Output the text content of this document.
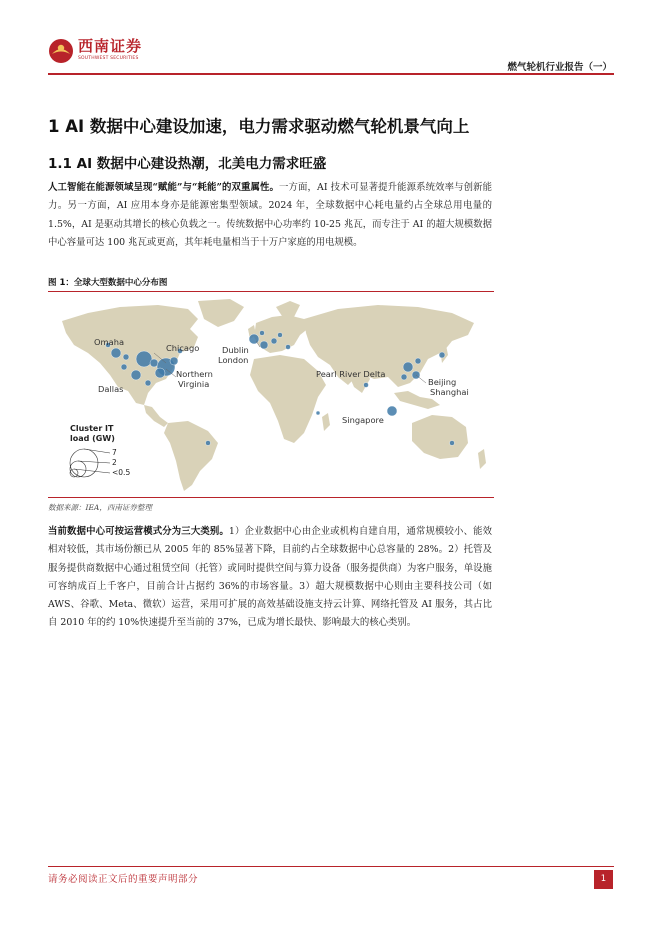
西南证券
SOUTHWEST SECURITIES
燃气轮机行业报告（一）
1 AI 数据中心建设加速，电力需求驱动燃气轮机景气向上
1.1 AI 数据中心建设热潮，北美电力需求旺盛

人工智能在能源领域呈现“赋能”与“耗能”的双重属性。一方面，AI 技术可显著提升能源系统效率与创新能力。另一方面，AI 应用本身亦是能源密集型领域。2024 年，全球数据中心耗电量约占全球总用电量的 1.5%，AI 是驱动其增长的核心负载之一。传统数据中心功率约 10-25 兆瓦，而专注于 AI 的超大规模数据中心容量可达 100 兆瓦或更高，其年耗电量相当于十万户家庭的用电规模。

图 1：全球大型数据中心分布图
Omaha
Chicago
Dallas
Northern
Virginia
Dublin
London
Pearl River Delta
Beijing
Shanghai
Singapore
Cluster IT
load (GW)
7
2
<0.5
数据来源：IEA，西南证券整理

当前数据中心可按运营模式分为三大类别。1）企业数据中心由企业或机构自建自用，通常规模较小、能效相对较低，其市场份额已从 2005 年的 85%显著下降，目前约占全球数据中心总容量的 28%。2）托管及服务提供商数据中心通过租赁空间（托管）或同时提供空间与算力设备（服务提供商）为客户服务，单设施可容纳成百上千客户，目前合计占据约 36%的市场容量。3）超大规模数据中心则由主要科技公司（如 AWS、谷歌、Meta、微软）运营，采用可扩展的高效基础设施支持云计算、网络托管及 AI 服务，其占比自 2010 年的约 10%快速提升至当前的 37%，已成为增长最快、影响最大的核心类别。

请务必阅读正文后的重要声明部分	1
